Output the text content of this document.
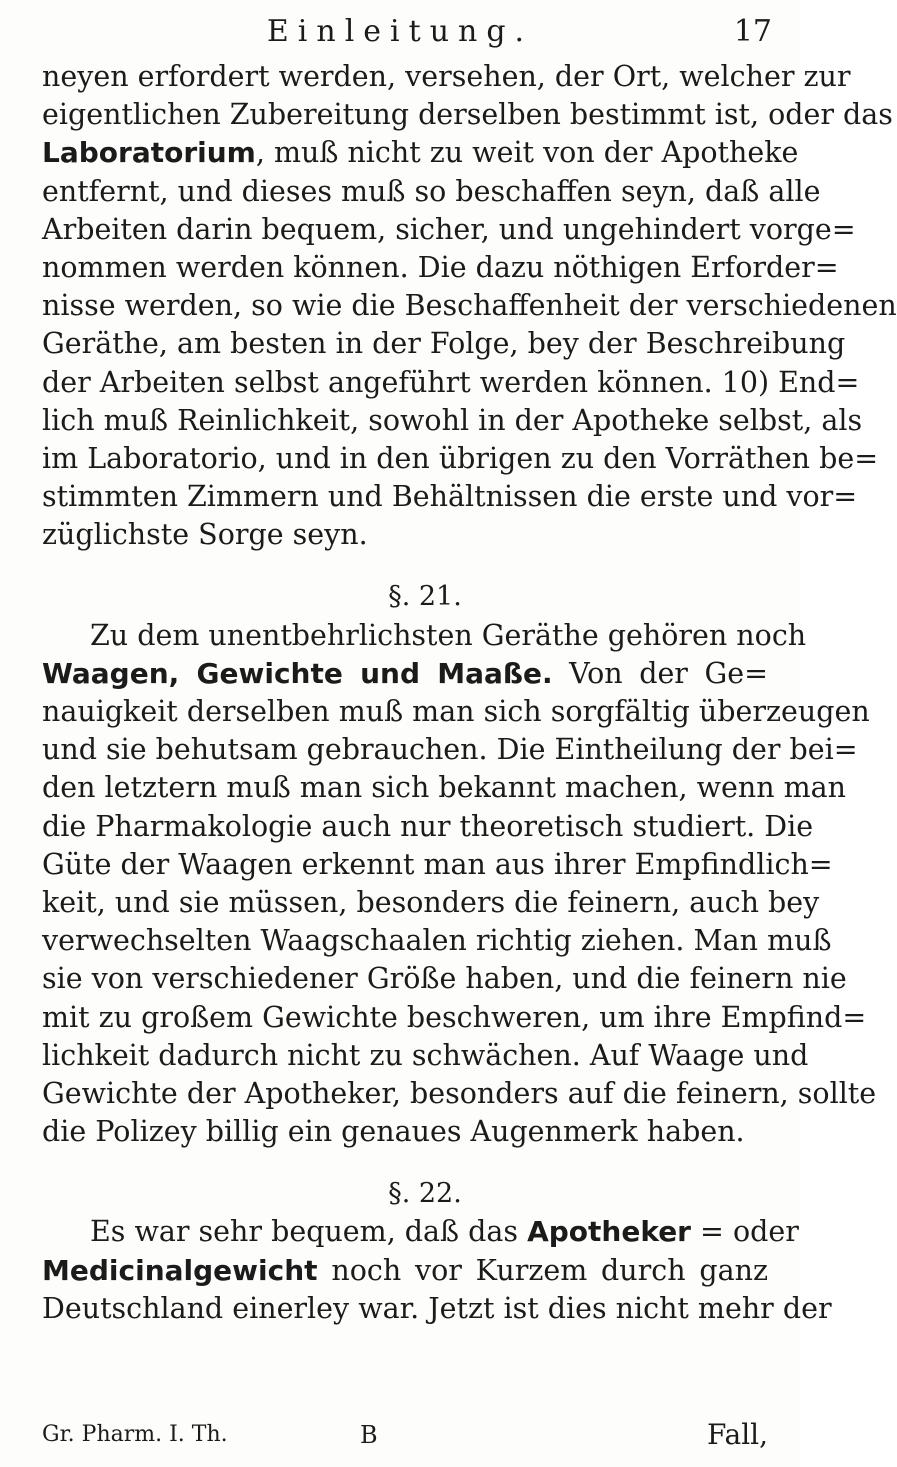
Einleitung.	17
neyen erfordert werden, versehen, der Ort, welcher zur
eigentlichen Zubereitung derselben bestimmt ist, oder das
Laboratorium, muß nicht zu weit von der Apotheke
entfernt, und dieses muß so beschaffen seyn, daß alle
Arbeiten darin bequem, sicher, und ungehindert vorge=
nommen werden können. Die dazu nöthigen Erforder=
nisse werden, so wie die Beschaffenheit der verschiedenen
Geräthe, am besten in der Folge, bey der Beschreibung
der Arbeiten selbst angeführt werden können. 10) End=
lich muß Reinlichkeit, sowohl in der Apotheke selbst, als
im Laboratorio, und in den übrigen zu den Vorräthen be=
stimmten Zimmern und Behältnissen die erste und vor=
züglichste Sorge seyn.
§. 21.
Zu dem unentbehrlichsten Geräthe gehören noch
Waagen, Gewichte und Maaße. Von der Ge=
nauigkeit derselben muß man sich sorgfältig überzeugen
und sie behutsam gebrauchen. Die Eintheilung der bei=
den letztern muß man sich bekannt machen, wenn man
die Pharmakologie auch nur theoretisch studiert. Die
Güte der Waagen erkennt man aus ihrer Empfindlich=
keit, und sie müssen, besonders die feinern, auch bey
verwechselten Waagschaalen richtig ziehen. Man muß
sie von verschiedener Größe haben, und die feinern nie
mit zu großem Gewichte beschweren, um ihre Empfind=
lichkeit dadurch nicht zu schwächen. Auf Waage und
Gewichte der Apotheker, besonders auf die feinern, sollte
die Polizey billig ein genaues Augenmerk haben.
§. 22.
Es war sehr bequem, daß das Apotheker = oder
Medicinalgewicht noch vor Kurzem durch ganz
Deutschland einerley war. Jetzt ist dies nicht mehr der
Gr. Pharm. I. Th.	B	Fall,
